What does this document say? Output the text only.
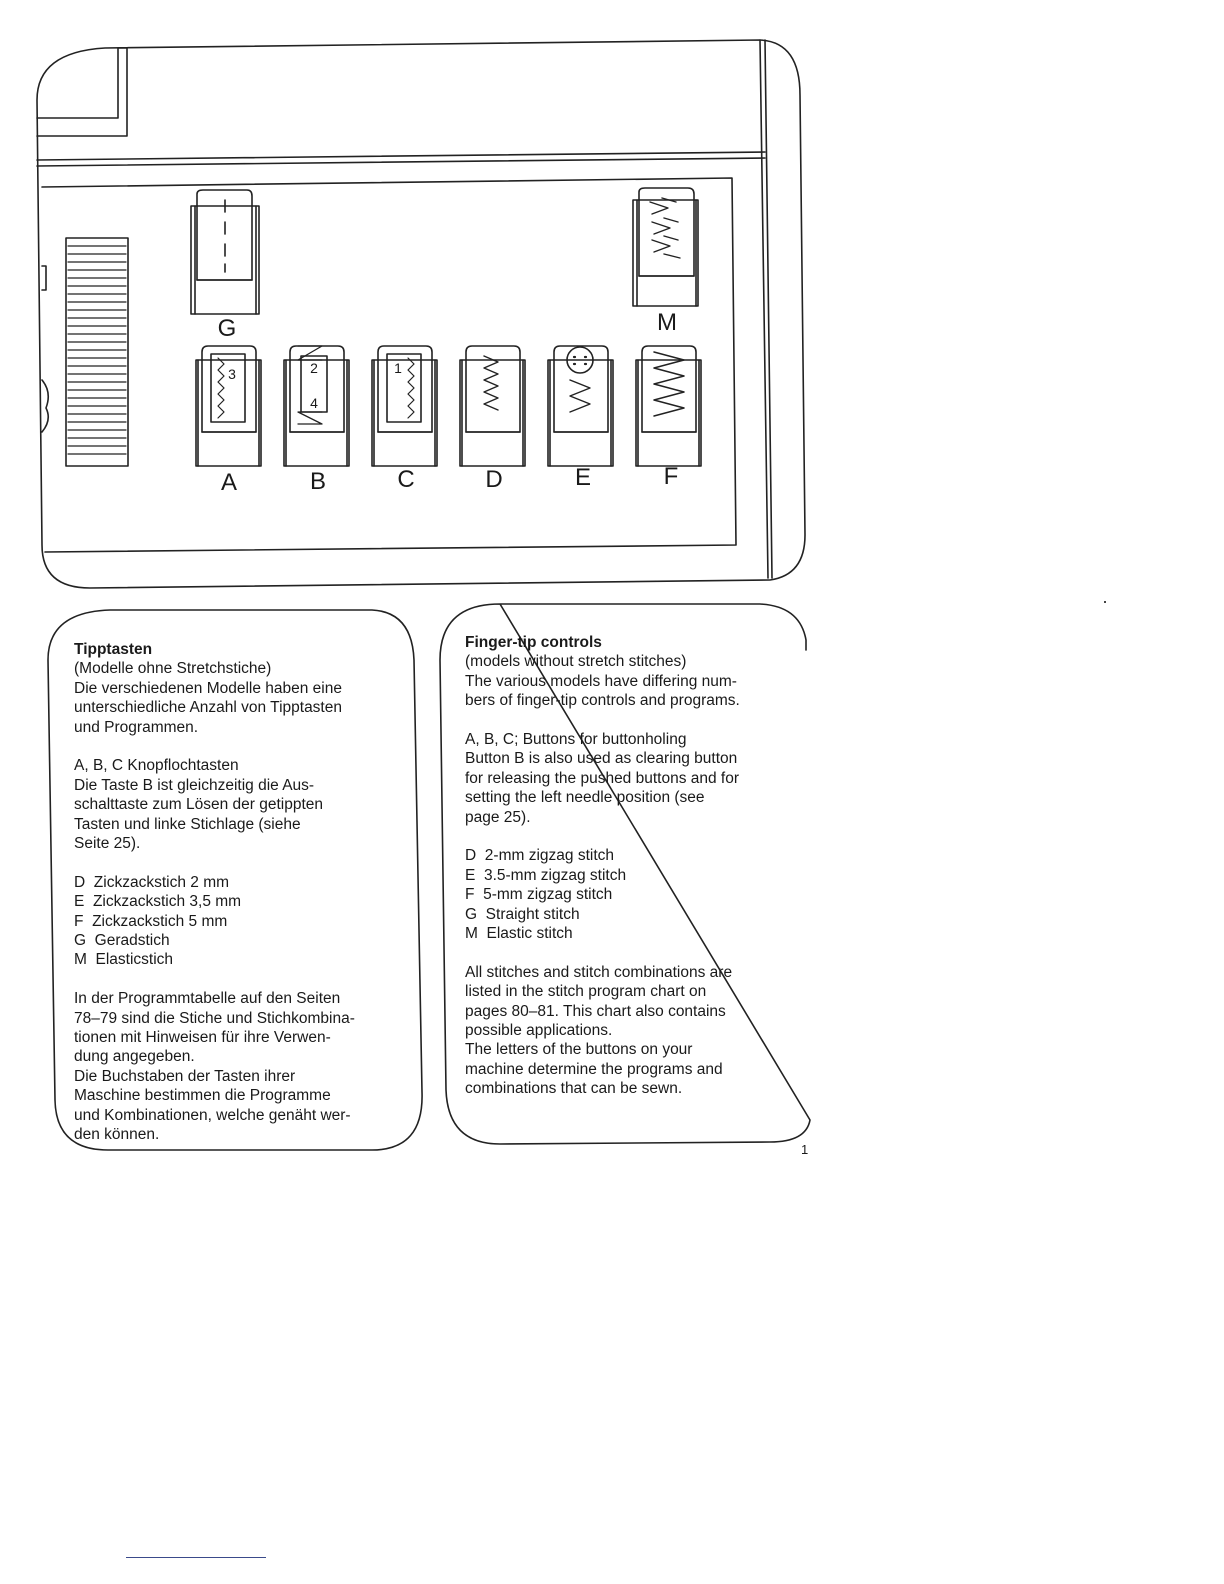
G	M
A	B	C	D	E	F
3	2
4
1
Tipptasten
(Modelle ohne Stretchstiche)
Die verschiedenen Modelle haben eine
unterschiedliche Anzahl von Tipptasten
und Programmen.
A, B, C Knopflochtasten
Die Taste B ist gleichzeitig die Aus-
schalttaste zum Lösen der getippten
Tasten und linke Stichlage (siehe
Seite 25).
D  Zickzackstich 2 mm
E  Zickzackstich 3,5 mm
F  Zickzackstich 5 mm
G  Geradstich
M  Elasticstich
In der Programmtabelle auf den Seiten
78–79 sind die Stiche und Stichkombina-
tionen mit Hinweisen für ihre Verwen-
dung angegeben.
Die Buchstaben der Tasten ihrer
Maschine bestimmen die Programme
und Kombinationen, welche genäht wer-
den können.
Finger-tip controls
(models without stretch stitches)
The various models have differing num-
bers of finger-tip controls and programs.
A, B, C; Buttons for buttonholing
Button B is also used as clearing button
for releasing the pushed buttons and for
setting the left needle position (see
page 25).
D  2-mm zigzag stitch
E  3.5-mm zigzag stitch
F  5-mm zigzag stitch
G  Straight stitch
M  Elastic stitch
All stitches and stitch combinations are
listed in the stitch program chart on
pages 80–81. This chart also contains
possible applications.
The letters of the buttons on your
machine determine the programs and
combinations that can be sewn.
1
